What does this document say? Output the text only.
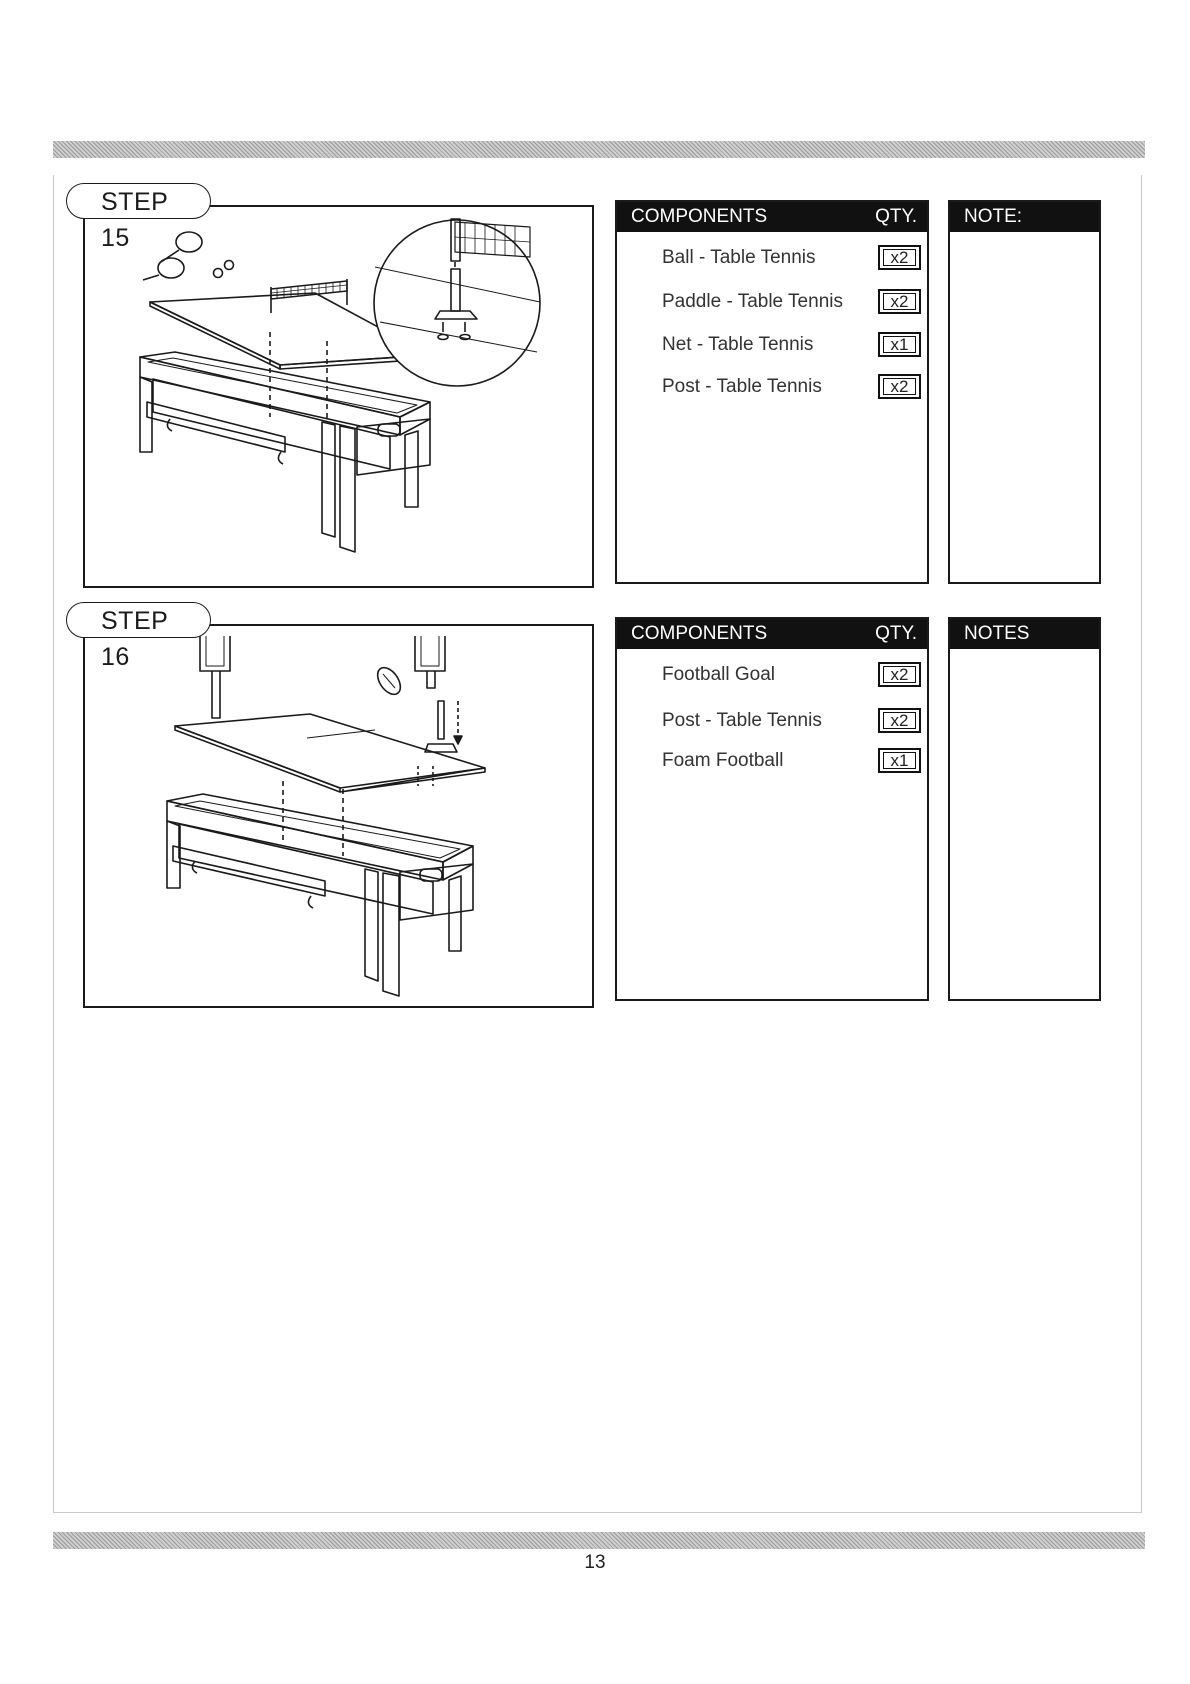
STEP 15
COMPONENTS	QTY.
Ball - Table Tennis	x2
Paddle - Table Tennis	x2
Net - Table Tennis	x1
Post - Table Tennis	x2
NOTE:
STEP 16
COMPONENTS	QTY.
Football Goal	x2
Post - Table Tennis	x2
Foam Football	x1
NOTES
13
